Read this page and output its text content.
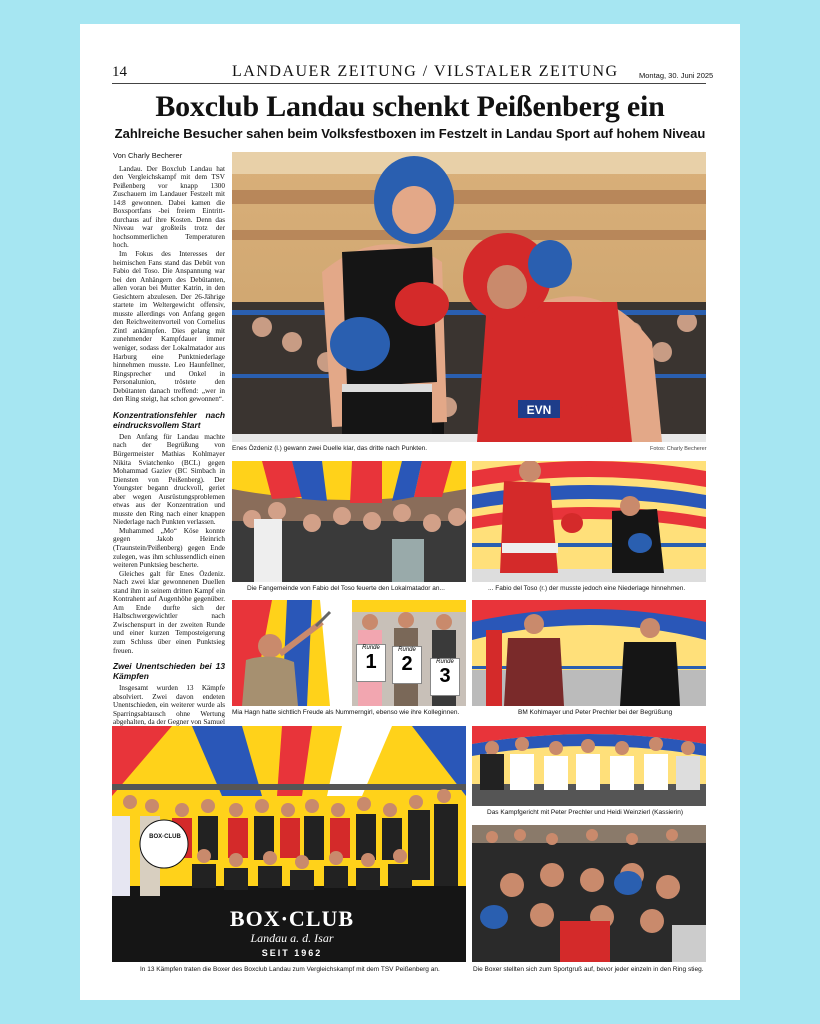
14	LANDAUER ZEITUNG / VILSTALER ZEITUNG	Montag, 30. Juni 2025
Boxclub Landau schenkt Peißenberg ein
Zahlreiche Besucher sahen beim Volksfestboxen im Festzelt in Landau Sport auf hohem Niveau

Von Charly Becherer

Landau. Der Boxclub Landau hat den Vergleichskampf mit dem TSV Peißenberg vor knapp 1300 Zuschauern im Landauer Festzelt mit 14:8 gewonnen. Dabei kamen die Boxsportfans -bei freiem Eintritt- durchaus auf ihre Kosten. Denn das Niveau war großteils trotz der hochsommerlichen Temperaturen hoch.

Im Fokus des Interesses der heimischen Fans stand das Debüt von Fabio del Toso. Die Anspannung war bei den Anhängern des Debütanten, allen voran bei Mutter Katrin, in den Gesichtern abzulesen. Der 26-Jährige startete im Weltergewicht offensiv, musste allerdings von Anfang gegen den Reichweitenvorteil von Cornelius Zintl ankämpfen. Dies gelang mit zunehmender Kampfdauer immer weniger, sodass der Lokalmatador aus Harburg eine Punktniederlage hinnehmen musste. Leo Haunfellner, Ringsprecher und Onkel in Personalunion, tröstete den Debütanten danach treffend: „wer in den Ring steigt, hat schon gewonnen“.

Konzentrationsfehler nach eindrucksvollem Start

Den Anfang für Landau machte nach der Begrüßung von Bürgermeister Mathias Kohlmayer Nikita Sviatchenko (BCL) gegen Mohammad Gaziev (BC Simbach in Diensten von Peißenberg). Der Youngster begann druckvoll, geriet aber wegen Ausrüstungsproblemen etwas aus der Konzentration und musste den Ring nach einer knappen Niederlage nach Punkten verlassen.

Muhammed „Mo“ Köse konnte gegen Jakob Heinrich (Traunstein/Peißenberg) gegen Ende zulegen, was ihm schlussendlich einen weiteren Punktsieg bescherte.

Gleiches galt für Enes Özdeniz. Nach zwei klar gewonnenen Duellen stand ihm in seinem dritten Kampf ein Kontrahent auf Augenhöhe gegenüber. Am Ende durfte sich der Halbschwergewichtler nach Zwischenspurt in der zweiten Runde und einer kurzen Temposteigerung zum Schluss über einen Punktsieg freuen.

Zwei Unentschieden bei 13 Kämpfen

Insgesamt wurden 13 Kämpfe absolviert. Zwei davon endeten Unentschieden, ein weiterer wurde als Sparringsabtausch ohne Wertung abgehalten, da der Gegner von Samuel

EVN
Enes Özdeniz (l.) gewann zwei Duelle klar, das dritte nach Punkten.	Fotos: Charly Becherer
Die Fangemeinde von Fabio del Toso feuerte den Lokalmatador an...	... Fabio del Toso (r.) der musste jedoch eine Niederlage hinnehmen.
Runde
1
Runde
2	Runde
3
Mia Hagn hatte sichtlich Freude als Nummerngirl, ebenso wie ihre Kolleginnen.	BM Kohlmayer und Peter Prechler bei der Begrüßung
BOX·CLUB
BOX·CLUB
Landau a. d. Isar
SEIT 1962
In 13 Kämpfen traten die Boxer des Boxclub Landau zum Vergleichskampf mit dem TSV Peißenberg an.
Das Kampfgericht mit Peter Prechler und Heidi Weinzierl (Kassierin)
Die Boxer stellten sich zum Sportgruß auf, bevor jeder einzeln in den Ring stieg.
